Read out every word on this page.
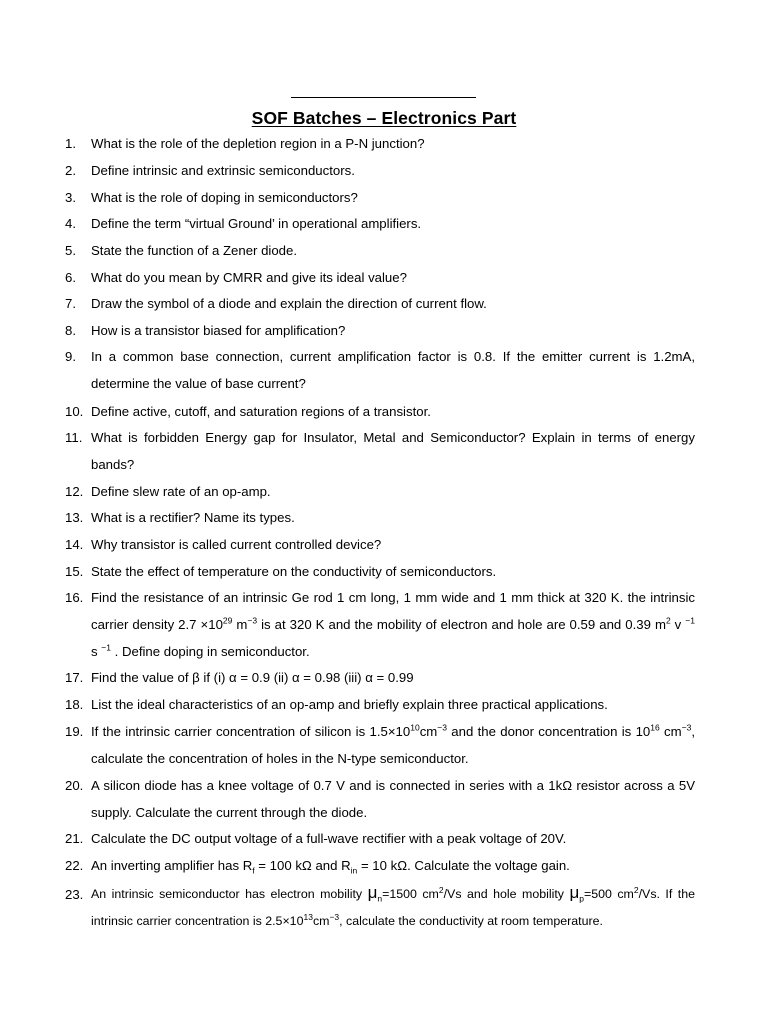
SOF Batches – Electronics Part
1.	What is the role of the depletion region in a P-N junction?
2.	Define intrinsic and extrinsic semiconductors.
3.	What is the role of doping in semiconductors?
4.	Define the term “virtual Ground’ in operational amplifiers.
5.	State the function of a Zener diode.
6.	What do you mean by CMRR and give its ideal value?
7.	Draw the symbol of a diode and explain the direction of current flow.
8.	How is a transistor biased for amplification?
9.	In a common base connection, current amplification factor is 0.8. If the emitter current is 1.2mA, determine the value of base current?
10. Define active, cutoff, and saturation regions of a transistor.
11. What is forbidden Energy gap for Insulator, Metal and Semiconductor? Explain in terms of energy bands?
12. Define slew rate of an op-amp.
13. What is a rectifier? Name its types.
14. Why transistor is called current controlled device?
15. State the effect of temperature on the conductivity of semiconductors.
16. Find the resistance of an intrinsic Ge rod 1 cm long, 1 mm wide and 1 mm thick at 320 K. the intrinsic carrier density $2.7 \times 10^{29}$ $m^{-3}$ is at 320 K and the mobility of electron and hole are 0.59 and 0.39 $m^2$ v $^{-1}$ s $^{-1}$ . Define doping in semiconductor.
17. Find the value of β if (i) α = 0.9 (ii) α = 0.98 (iii) α = 0.99
18. List the ideal characteristics of an op-amp and briefly explain three practical applications.
19. If the intrinsic carrier concentration of silicon is $1.5\times 10^{10}cm^{-3}$ and the donor concentration is $10^{16}$ $cm^{-3}$, calculate the concentration of holes in the N-type semiconductor.
20. A silicon diode has a knee voltage of 0.7 V and is connected in series with a 1kΩ resistor across a 5V supply. Calculate the current through the diode.
21. Calculate the DC output voltage of a full-wave rectifier with a peak voltage of 20V.
22. An inverting amplifier has $R_f = 100$ kΩ and $R_{in} = 10$ kΩ. Calculate the voltage gain.
23. An intrinsic semiconductor has electron mobility $\mu_n=1500$ $cm^2/Vs$ and hole mobility $\mu_p=500$ $cm^2/Vs$. If the intrinsic carrier concentration is $2.5\times 10^{13}cm^{-3}$, calculate the conductivity at room temperature.
